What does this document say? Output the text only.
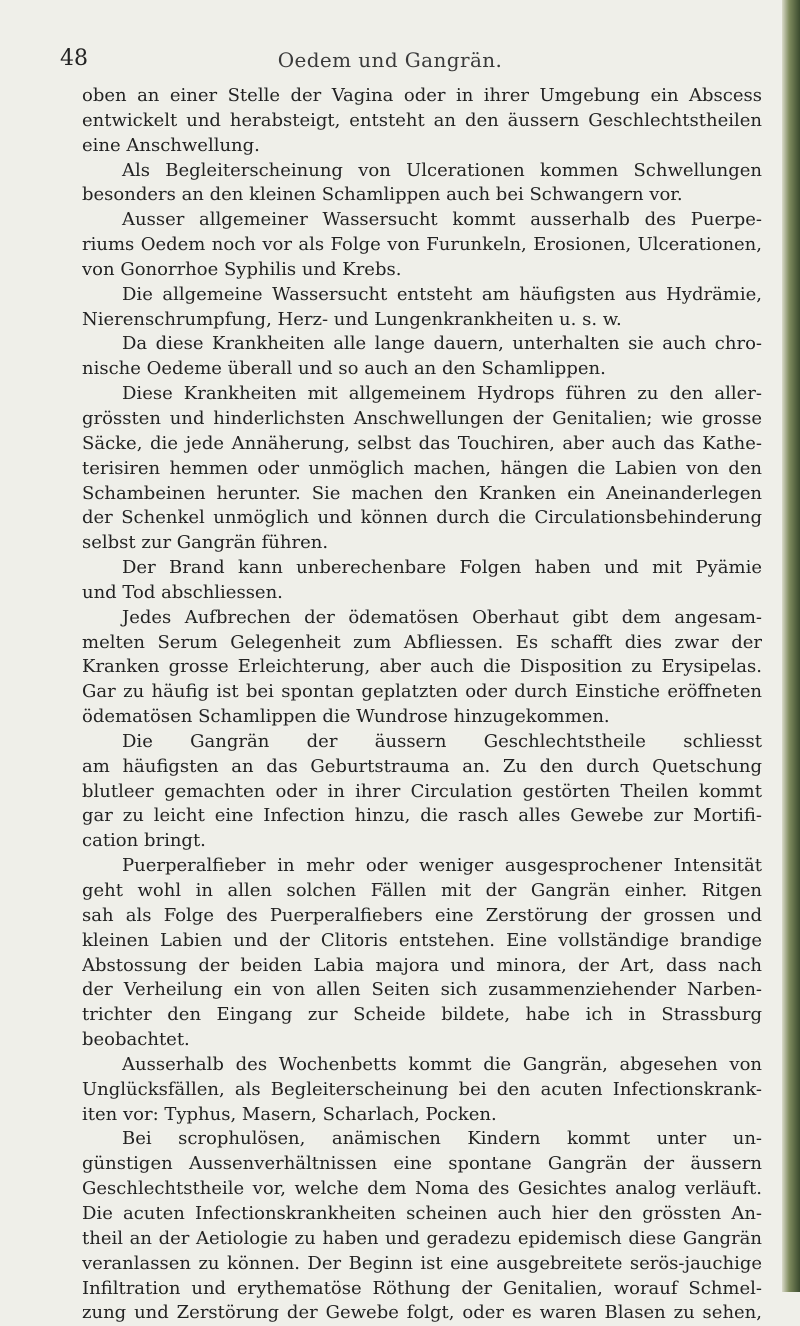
48	Oedem und Gangrän.
oben an einer Stelle der Vagina oder in ihrer Umgebung ein Abscess
entwickelt und herabsteigt, entsteht an den äussern Geschlechtstheilen
eine Anschwellung.
Als Begleiterscheinung von Ulcerationen kommen Schwellungen
besonders an den kleinen Schamlippen auch bei Schwangern vor.
Ausser allgemeiner Wassersucht kommt ausserhalb des Puerpe-
riums Oedem noch vor als Folge von Furunkeln, Erosionen, Ulcerationen,
von Gonorrhoe Syphilis und Krebs.
Die allgemeine Wassersucht entsteht am häufigsten aus Hydrämie,
Nierenschrumpfung, Herz- und Lungenkrankheiten u. s. w.
Da diese Krankheiten alle lange dauern, unterhalten sie auch chro-
nische Oedeme überall und so auch an den Schamlippen.
Diese Krankheiten mit allgemeinem Hydrops führen zu den aller-
grössten und hinderlichsten Anschwellungen der Genitalien; wie grosse
Säcke, die jede Annäherung, selbst das Touchiren, aber auch das Kathe-
terisiren hemmen oder unmöglich machen, hängen die Labien von den
Schambeinen herunter. Sie machen den Kranken ein Aneinanderlegen
der Schenkel unmöglich und können durch die Circulationsbehinderung
selbst zur Gangrän führen.
Der Brand kann unberechenbare Folgen haben und mit Pyämie
und Tod abschliessen.
Jedes Aufbrechen der ödematösen Oberhaut gibt dem angesam-
melten Serum Gelegenheit zum Abfliessen. Es schafft dies zwar der
Kranken grosse Erleichterung, aber auch die Disposition zu Erysipelas.
Gar zu häufig ist bei spontan geplatzten oder durch Einstiche eröffneten
ödematösen Schamlippen die Wundrose hinzugekommen.
Die Gangrän der äussern Geschlechtstheile schliesst
am häufigsten an das Geburtstrauma an. Zu den durch Quetschung
blutleer gemachten oder in ihrer Circulation gestörten Theilen kommt
gar zu leicht eine Infection hinzu, die rasch alles Gewebe zur Mortifi-
cation bringt.
Puerperalfieber in mehr oder weniger ausgesprochener Intensität
geht wohl in allen solchen Fällen mit der Gangrän einher. Ritgen
sah als Folge des Puerperalfiebers eine Zerstörung der grossen und
kleinen Labien und der Clitoris entstehen. Eine vollständige brandige
Abstossung der beiden Labia majora und minora, der Art, dass nach
der Verheilung ein von allen Seiten sich zusammenziehender Narben-
trichter den Eingang zur Scheide bildete, habe ich in Strassburg
beobachtet.
Ausserhalb des Wochenbetts kommt die Gangrän, abgesehen von
Unglücksfällen, als Begleiterscheinung bei den acuten Infectionskrank-
iten vor: Typhus, Masern, Scharlach, Pocken.
Bei scrophulösen, anämischen Kindern kommt unter un-
günstigen Aussenverhältnissen eine spontane Gangrän der äussern
Geschlechtstheile vor, welche dem Noma des Gesichtes analog verläuft.
Die acuten Infectionskrankheiten scheinen auch hier den grössten An-
theil an der Aetiologie zu haben und geradezu epidemisch diese Gangrän
veranlassen zu können. Der Beginn ist eine ausgebreitete serös-jauchige
Infiltration und erythematöse Röthung der Genitalien, worauf Schmel-
zung und Zerstörung der Gewebe folgt, oder es waren Blasen zu sehen,
